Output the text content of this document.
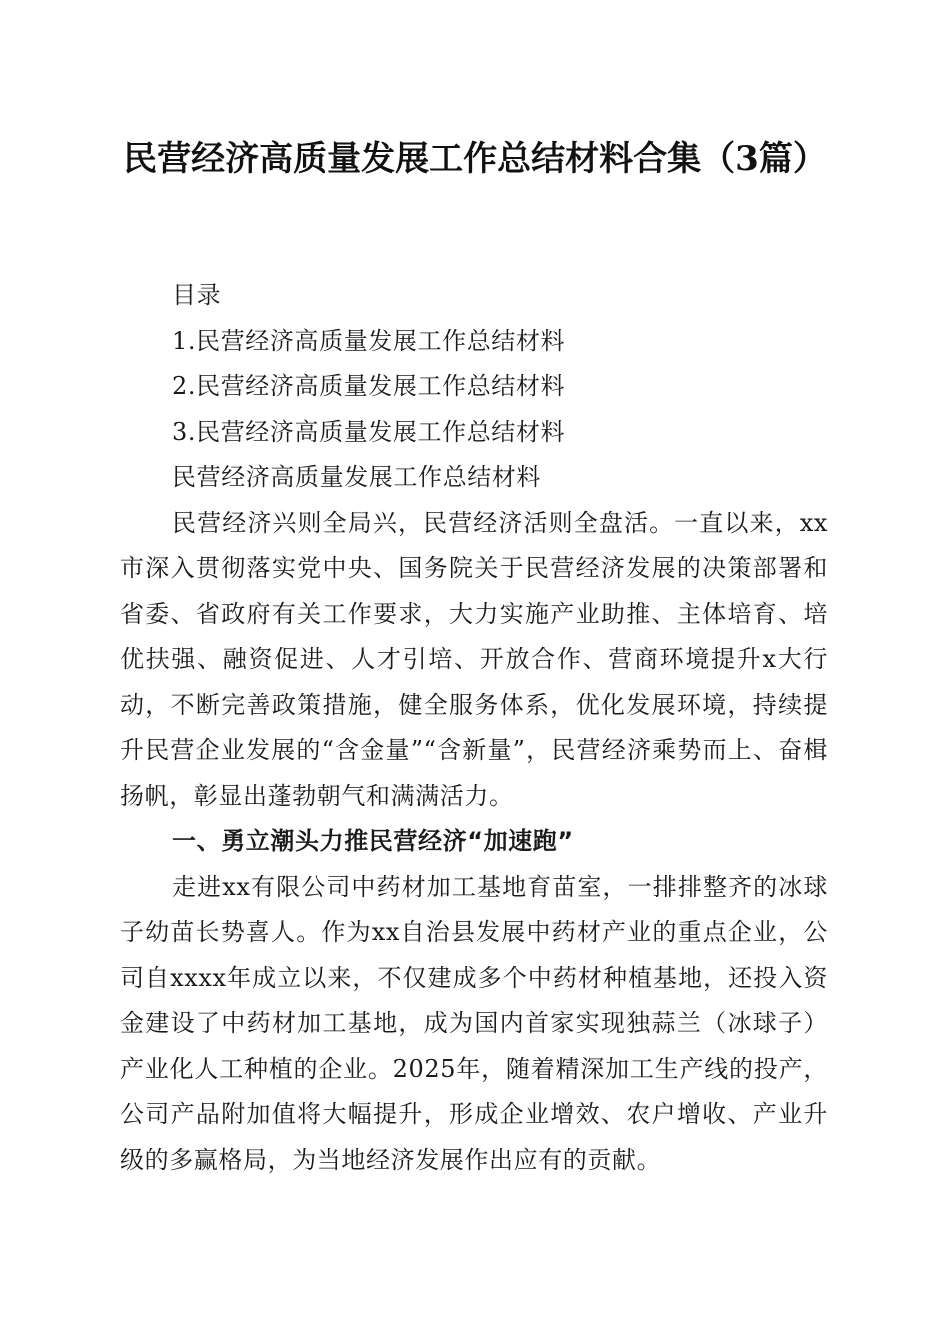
民营经济高质量发展工作总结材料合集（3篇）

目录

1.民营经济高质量发展工作总结材料

2.民营经济高质量发展工作总结材料

3.民营经济高质量发展工作总结材料

民营经济高质量发展工作总结材料

民营经济兴则全局兴，民营经济活则全盘活。一直以来，xx市深入贯彻落实党中央、国务院关于民营经济发展的决策部署和省委、省政府有关工作要求，大力实施产业助推、主体培育、培优扶强、融资促进、人才引培、开放合作、营商环境提升x大行动，不断完善政策措施，健全服务体系，优化发展环境，持续提升民营企业发展的“含金量”“含新量”，民营经济乘势而上、奋楫扬帆，彰显出蓬勃朝气和满满活力。

一、勇立潮头力推民营经济“加速跑”

走进xx有限公司中药材加工基地育苗室，一排排整齐的冰球子幼苗长势喜人。作为xx自治县发展中药材产业的重点企业，公司自xxxx年成立以来，不仅建成多个中药材种植基地，还投入资金建设了中药材加工基地，成为国内首家实现独蒜兰（冰球子）产业化人工种植的企业。2025年，随着精深加工生产线的投产，公司产品附加值将大幅提升，形成企业增效、农户增收、产业升级的多赢格局，为当地经济发展作出应有的贡献。
